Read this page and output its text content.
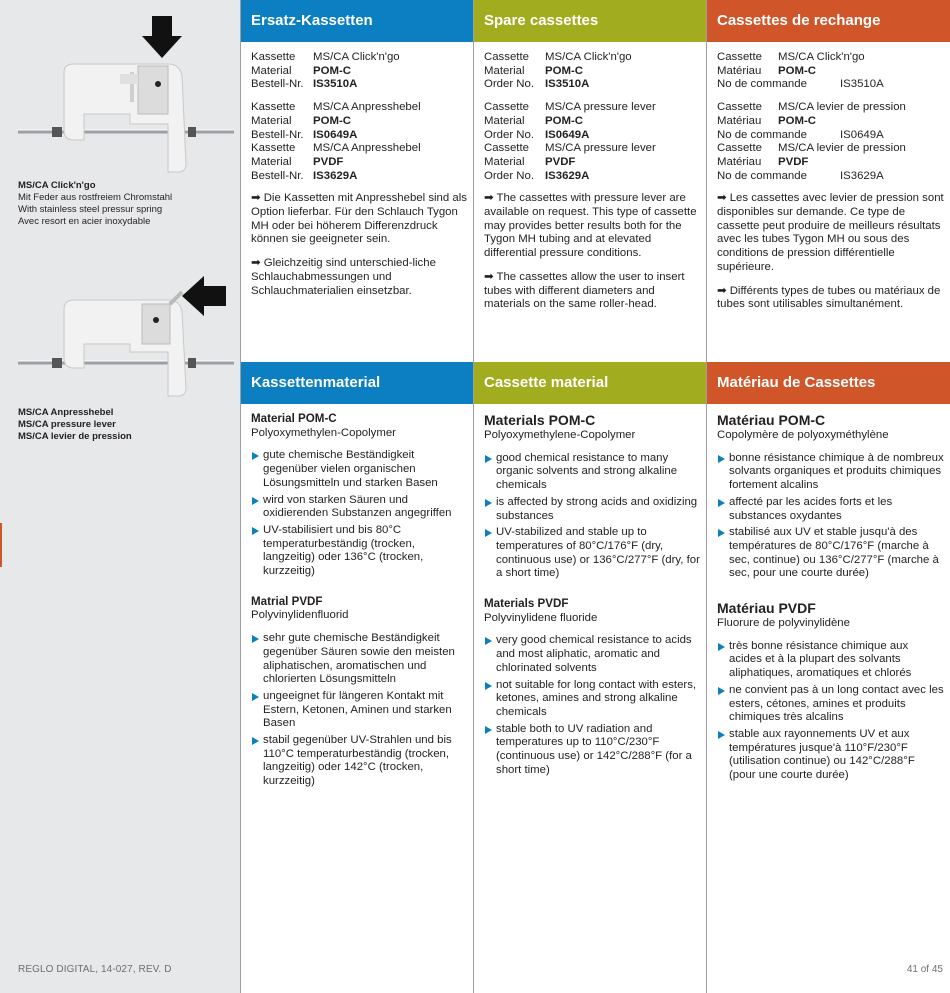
MS/CA Click'n'go
Mit Feder aus rostfreiem Chromstahl
With stainless steel pressur spring
Avec resort en acier inoxydable
MS/CA Anpresshebel
MS/CA pressure lever
MS/CA levier de pression
REGLO DIGITAL, 14-027, REV. D
Ersatz-Kassetten
Kassette	MS/CA Click'n'go
Material	POM-C
Bestell-Nr. IS3510A
Kassette	MS/CA Anpresshebel
Material	POM-C
Bestell-Nr. IS0649A
Kassette	MS/CA Anpresshebel
Material	PVDF
Bestell-Nr. IS3629A
➡ Die Kassetten mit Anpresshebel sind als Option lieferbar. Für den Schlauch Tygon MH oder bei höherem Differenzdruck können sie geeigneter sein.
➡ Gleichzeitig sind unterschied-liche Schlauchabmessungen und Schlauchmaterialien einsetzbar.
Kassettenmaterial
Material POM-C
Polyoxymethylen-Copolymer
gute chemische Beständigkeit gegenüber vielen organischen Lösungsmitteln und starken Basen
wird von starken Säuren und oxidierenden Substanzen angegriffen
UV-stabilisiert und bis 80°C temperaturbeständig (trocken, langzeitig) oder 136°C (trocken, kurzzeitig)
Matrial PVDF
Polyvinylidenfluorid
sehr gute chemische Beständigkeit gegenüber Säuren sowie den meisten aliphatischen, aromatischen und chlorierten Lösungsmitteln
ungeeignet für längeren Kontakt mit Estern, Ketonen, Aminen und starken Basen
stabil gegenüber UV-Strahlen und bis 110°C temperaturbeständig (trocken, langzeitig) oder 142°C (trocken, kurzzeitig)
Spare cassettes
Cassette	MS/CA Click'n'go
Material	POM-C
Order No. IS3510A
Cassette	MS/CA pressure lever
Material	POM-C
Order No. IS0649A
Cassette	MS/CA pressure lever
Material	PVDF
Order No. IS3629A
➡ The cassettes with pressure lever are available on request. This type of cassette may provides better results both for the Tygon MH tubing and at elevated differential pressure conditions.
➡ The cassettes allow the user to insert tubes with different diameters and materials on the same roller-head.
Cassette material
Materials POM-C
Polyoxymethylene-Copolymer
good chemical resistance to many organic solvents and strong alkaline chemicals
is affected by strong acids and oxidizing substances
UV-stabilized and stable up to temperatures of 80°C/176°F (dry, continuous use) or 136°C/277°F (dry, for a short time)
Materials PVDF
Polyvinylidene fluoride
very good chemical resistance to acids and most aliphatic, aromatic and chlorinated solvents
not suitable for long contact with esters, ketones, amines and strong alkaline chemicals
stable both to UV radiation and temperatures up to 110°C/230°F (continuous use) or 142°C/288°F (for a short time)
Cassettes de rechange
Cassette	MS/CA Click'n'go
Matériau	POM-C
No de commande	IS3510A
Cassette	MS/CA levier de pression
Matériau	POM-C
No de commande	IS0649A
Cassette	MS/CA levier de pression
Matériau	PVDF
No de commande	IS3629A
➡ Les cassettes avec levier de pression sont disponibles sur demande. Ce type de cassette peut produire de meilleurs résultats avec les tubes Tygon MH ou sous des conditions de pression différentielle supérieure.
➡ Différents types de tubes ou matériaux de tubes sont utilisables simultanément.
Matériau de Cassettes
Matériau POM-C
Copolymère de polyoxyméthylène
bonne résistance chimique à de nombreux solvants organiques et produits chimiques fortement alcalins
affecté par les acides forts et les substances oxydantes
stabilisé aux UV et stable jusqu'à des températures de 80°C/176°F (marche à sec, continue) ou 136°C/277°F (marche à sec, pour une courte durée)
Matériau PVDF
Fluorure de polyvinylidène
très bonne résistance chimique aux acides et à la plupart des solvants aliphatiques, aromatiques et chlorés
ne convient pas à un long contact avec les esters, cétones, amines et produits chimiques très alcalins
stable aux rayonnements UV et aux températures jusque'à 110°F/230°F (utilisation continue) ou 142°C/288°F (pour une courte durée)
41 of 45
